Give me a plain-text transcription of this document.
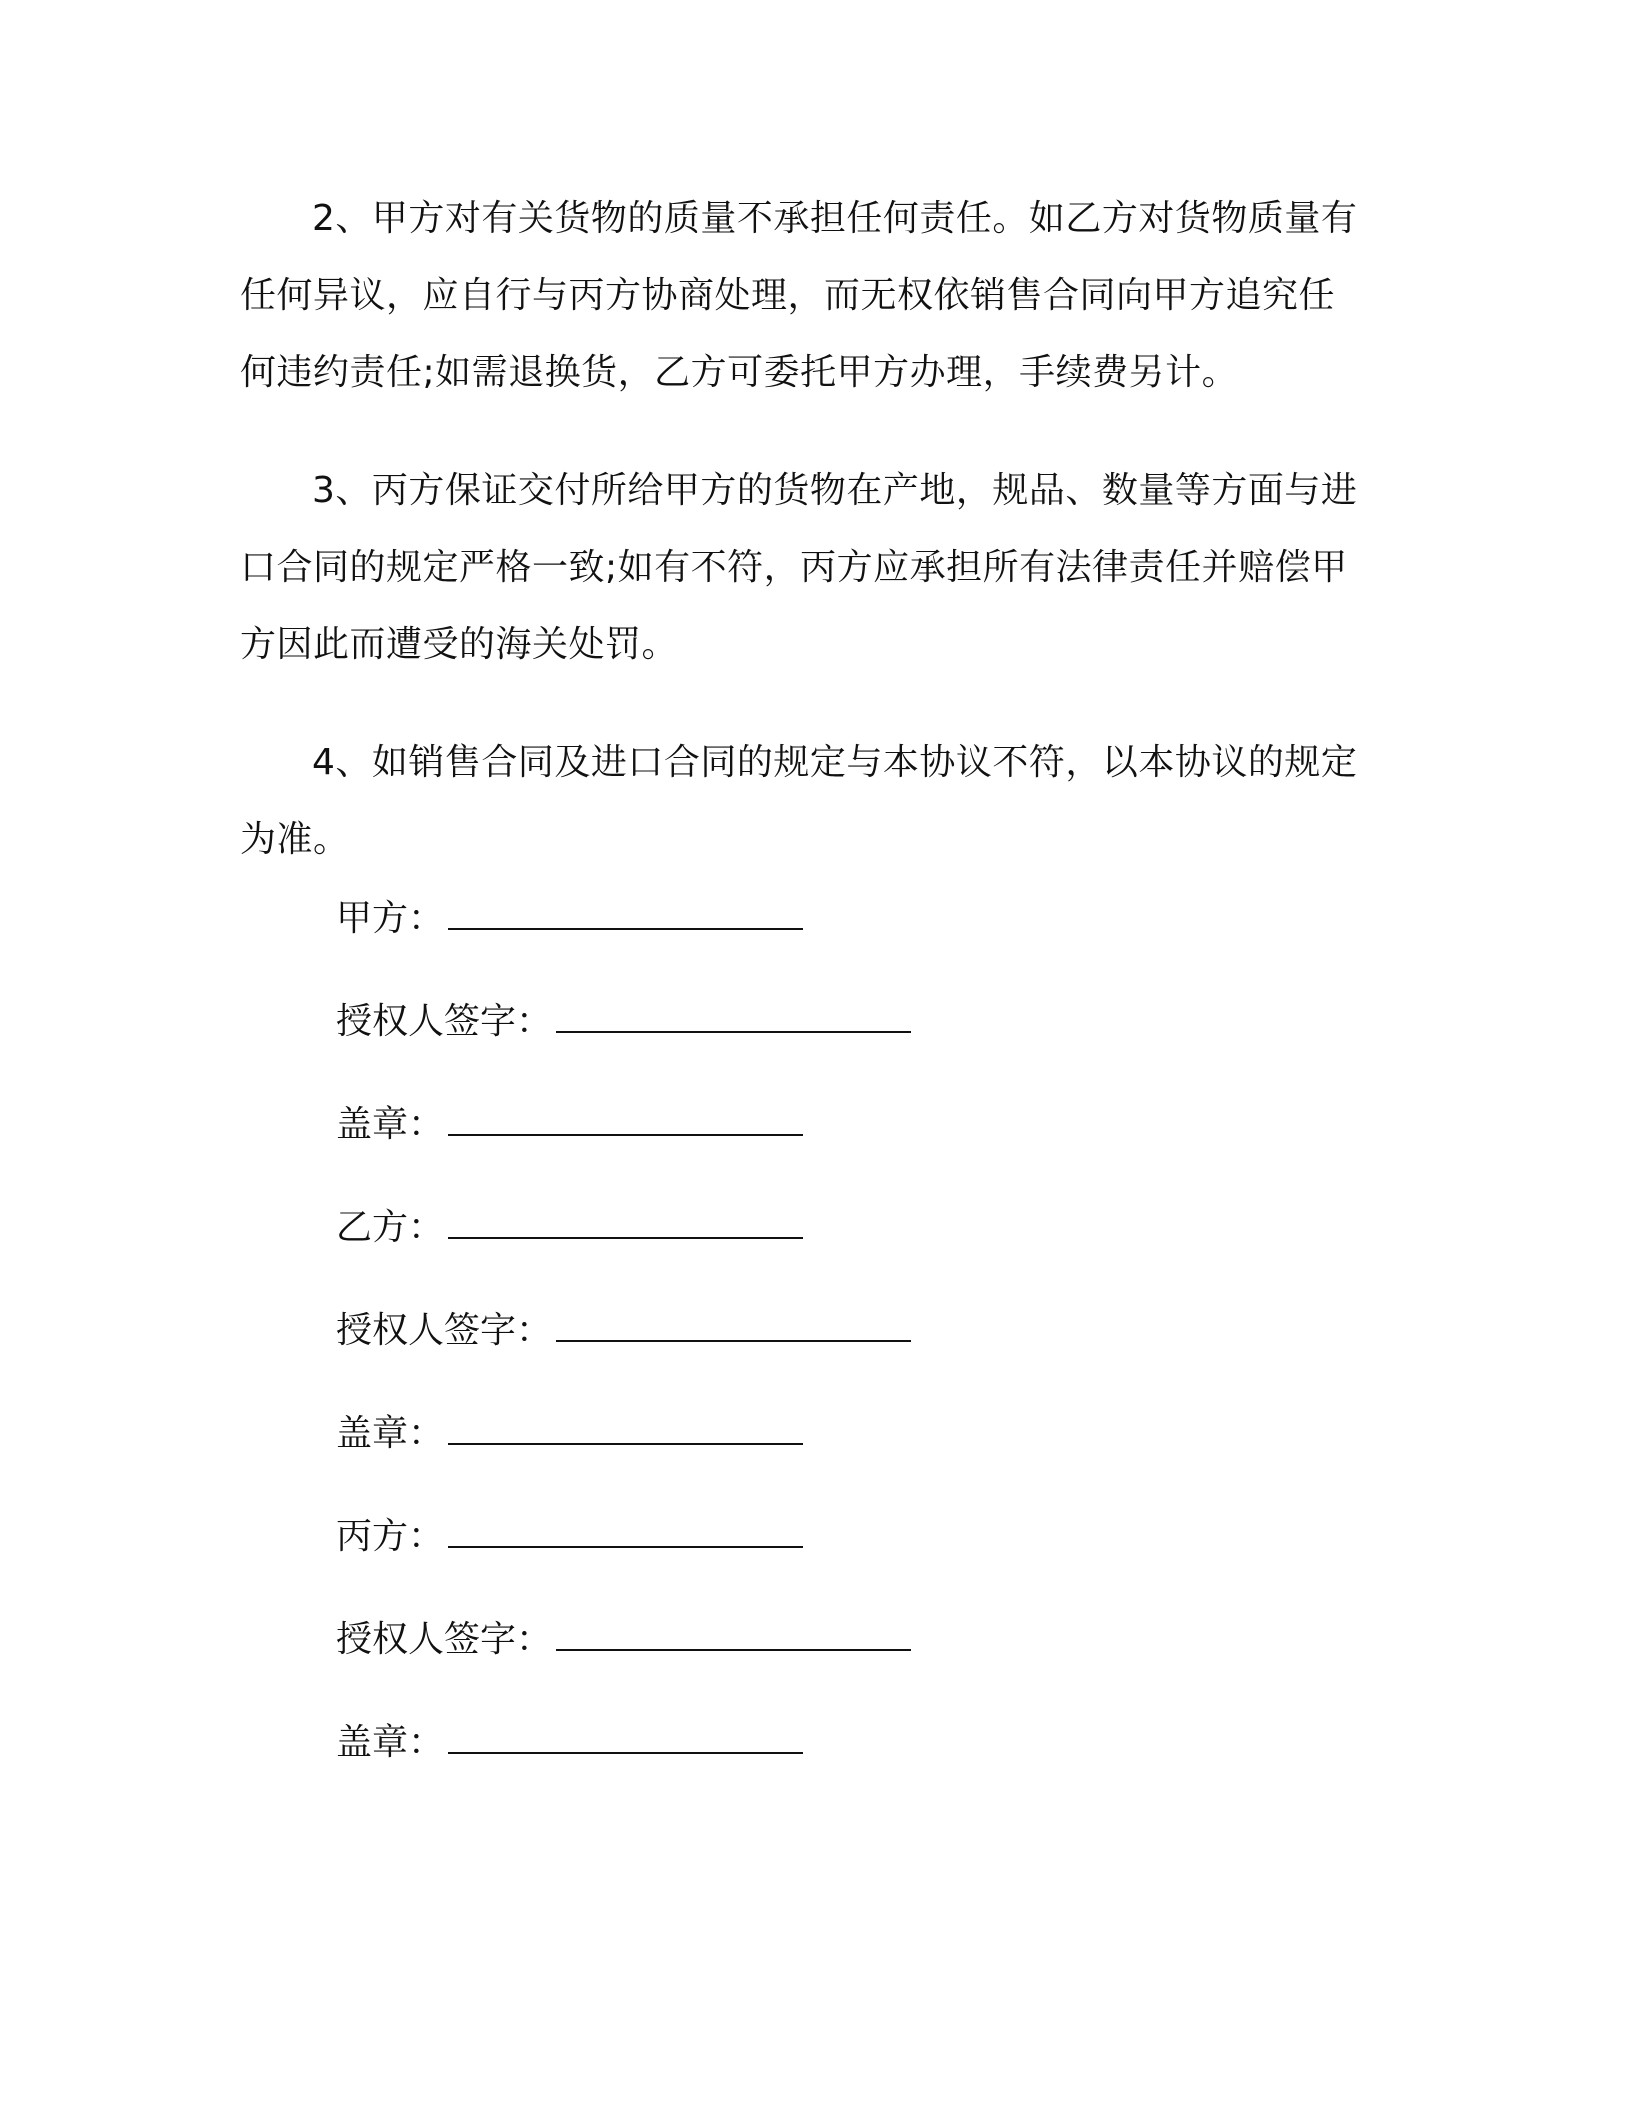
2、甲方对有关货物的质量不承担任何责任。如乙方对货物质量有任何异议，应自行与丙方协商处理，而无权依销售合同向甲方追究任何违约责任;如需退换货，乙方可委托甲方办理，手续费另计。

3、丙方保证交付所给甲方的货物在产地，规品、数量等方面与进口合同的规定严格一致;如有不符，丙方应承担所有法律责任并赔偿甲方因此而遭受的海关处罚。

4、如销售合同及进口合同的规定与本协议不符，以本协议的规定为准。

甲方：
授权人签字：
盖章：
乙方：
授权人签字：
盖章：
丙方：
授权人签字：
盖章：
